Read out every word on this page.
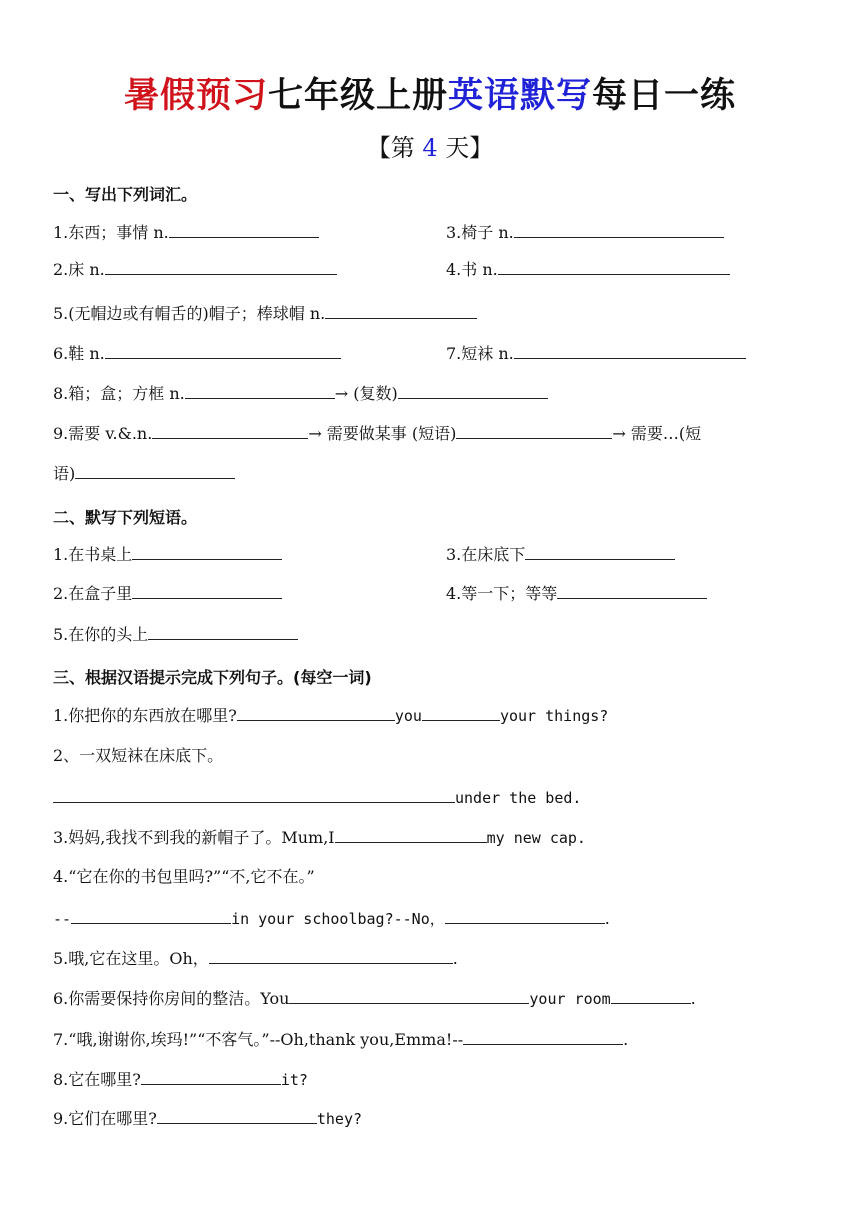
暑假预习七年级上册英语默写每日一练
【第 4 天】
一、写出下列词汇。
1.东西；事情 n.	3.椅子 n.
2.床 n.	4.书 n.
5.(无帽边或有帽舌的)帽子；棒球帽 n.
6.鞋 n.	7.短袜 n.
8.箱；盒；方框 n.	→ (复数)
9.需要 v.&.n.	→ 需要做某事 (短语)	→ 需要…(短
语)
二、默写下列短语。
1.在书桌上	3.在床底下
2.在盒子里	4.等一下；等等
5.在你的头上
三、根据汉语提示完成下列句子。(每空一词)
1.你把你的东西放在哪里?	you	your things?
2、一双短袜在床底下。
under the bed.
3.妈妈,我找不到我的新帽子了。Mum,I	my new cap.
4.“它在你的书包里吗?”“不,它不在。”
--	in your schoolbag?--No，	.
5.哦,它在这里。Oh，	.
6.你需要保持你房间的整洁。You	your room	.
7.“哦,谢谢你,埃玛!”“不客气。”--Oh,thank you,Emma!--	.
8.它在哪里?	it?
9.它们在哪里?	they?
